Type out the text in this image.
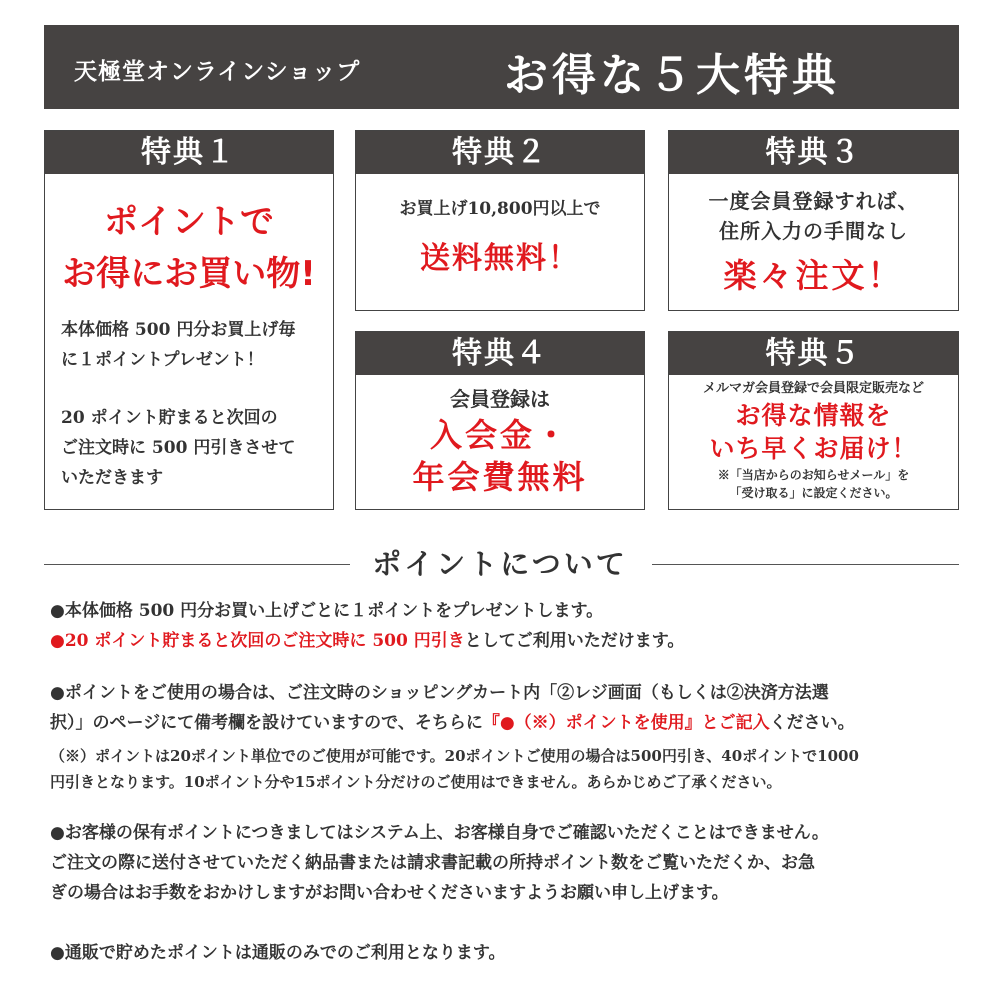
天極堂オンラインショップ	お得な５大特典
特典１
ポイントで
お得にお買い物!

本体価格 500 円分お買上げ毎

に１ポイントプレゼント！

20 ポイント貯まると次回の

ご注文時に 500 円引きさせて

いただきます

特典２
お買上げ10,800円以上で
送料無料！
特典３
一度会員登録すれば、
住所入力の手間なし
楽々注文！
特典４
会員登録は
入会金・
年会費無料
特典５
メルマガ会員登録で会員限定販売など
お得な情報を
いち早くお届け！
※「当店からのお知らせメール」を
「受け取る」に設定ください。
ポイントについて
●本体価格 500 円分お買い上げごとに１ポイントをプレゼントします。
●20 ポイント貯まると次回のご注文時に 500 円引きとしてご利用いただけます。
●ポイントをご使用の場合は、ご注文時のショッピングカート内「②レジ画面（もしくは②決済方法選
択）」のページにて備考欄を設けていますので、そちらに『●（※）ポイントを使用』とご記入ください。
（※）ポイントは20ポイント単位でのご使用が可能です。20ポイントご使用の場合は500円引き、40ポイントで1000
円引きとなります。10ポイント分や15ポイント分だけのご使用はできません。あらかじめご了承ください。
●お客様の保有ポイントにつきましてはシステム上、お客様自身でご確認いただくことはできません。
ご注文の際に送付させていただく納品書または請求書記載の所持ポイント数をご覧いただくか、お急
ぎの場合はお手数をおかけしますがお問い合わせくださいますようお願い申し上げます。
●通販で貯めたポイントは通販のみでのご利用となります。
